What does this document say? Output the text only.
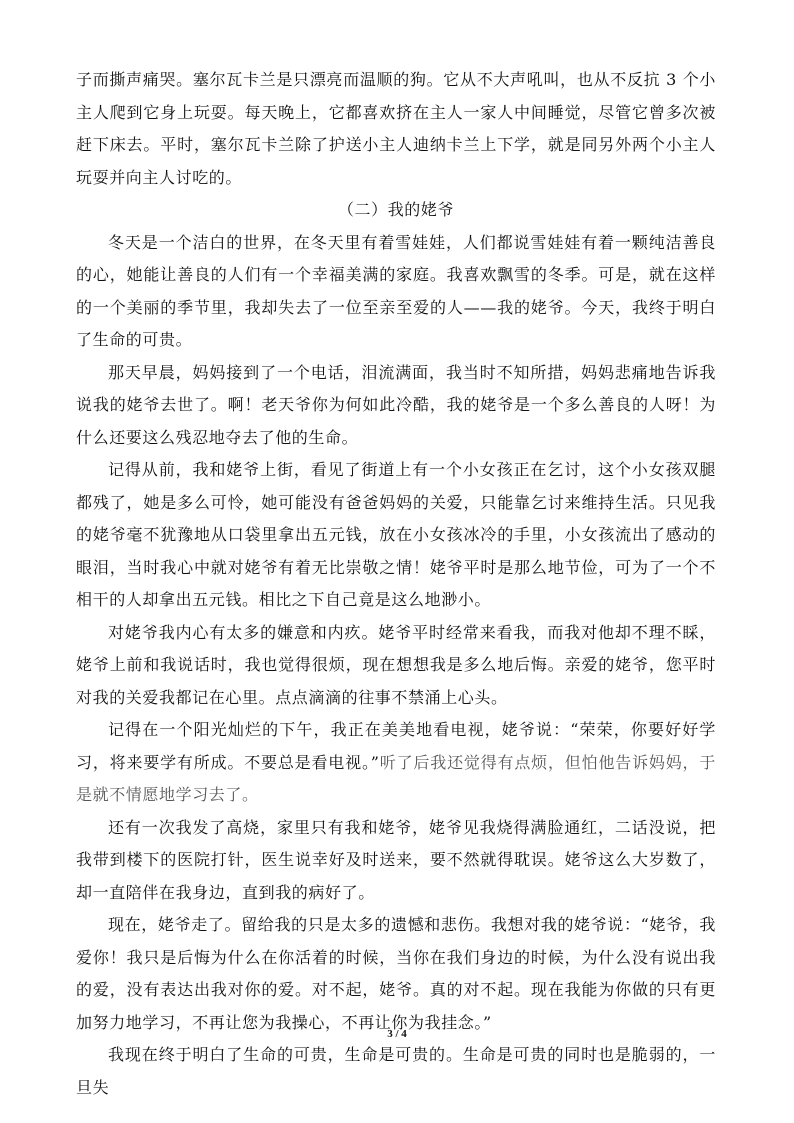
子而撕声痛哭。塞尔瓦卡兰是只漂亮而温顺的狗。它从不大声吼叫，也从不反抗 3 个小主人爬到它身上玩耍。每天晚上，它都喜欢挤在主人一家人中间睡觉，尽管它曾多次被赶下床去。平时，塞尔瓦卡兰除了护送小主人迪纳卡兰上下学，就是同另外两个小主人玩耍并向主人讨吃的。

（二）我的姥爷

冬天是一个洁白的世界，在冬天里有着雪娃娃，人们都说雪娃娃有着一颗纯洁善良的心，她能让善良的人们有一个幸福美满的家庭。我喜欢飘雪的冬季。可是，就在这样的一个美丽的季节里，我却失去了一位至亲至爱的人——我的姥爷。今天，我终于明白了生命的可贵。

那天早晨，妈妈接到了一个电话，泪流满面，我当时不知所措，妈妈悲痛地告诉我说我的姥爷去世了。啊！老天爷你为何如此冷酷，我的姥爷是一个多么善良的人呀！为什么还要这么残忍地夺去了他的生命。

记得从前，我和姥爷上街，看见了街道上有一个小女孩正在乞讨，这个小女孩双腿都残了，她是多么可怜，她可能没有爸爸妈妈的关爱，只能靠乞讨来维持生活。只见我的姥爷毫不犹豫地从口袋里拿出五元钱，放在小女孩冰冷的手里，小女孩流出了感动的眼泪，当时我心中就对姥爷有着无比崇敬之情！姥爷平时是那么地节俭，可为了一个不相干的人却拿出五元钱。相比之下自己竟是这么地渺小。

对姥爷我内心有太多的嫌意和内疚。姥爷平时经常来看我，而我对他却不理不睬，姥爷上前和我说话时，我也觉得很烦，现在想想我是多么地后悔。亲爱的姥爷，您平时对我的关爱我都记在心里。点点滴滴的往事不禁涌上心头。

记得在一个阳光灿烂的下午，我正在美美地看电视，姥爷说：“荣荣，你要好好学习，将来要学有所成。不要总是看电视。”听了后我还觉得有点烦，但怕他告诉妈妈，于是就不情愿地学习去了。

还有一次我发了高烧，家里只有我和姥爷，姥爷见我烧得满脸通红，二话没说，把我带到楼下的医院打针，医生说幸好及时送来，要不然就得耽误。姥爷这么大岁数了，却一直陪伴在我身边，直到我的病好了。

现在，姥爷走了。留给我的只是太多的遗憾和悲伤。我想对我的姥爷说：“姥爷，我爱你！我只是后悔为什么在你活着的时候，当你在我们身边的时候，为什么没有说出我的爱，没有表达出我对你的爱。对不起，姥爷。真的对不起。现在我能为你做的只有更加努力地学习，不再让您为我操心，不再让你为我挂念。”

我现在终于明白了生命的可贵，生命是可贵的。生命是可贵的同时也是脆弱的，一旦失

3 / 4
